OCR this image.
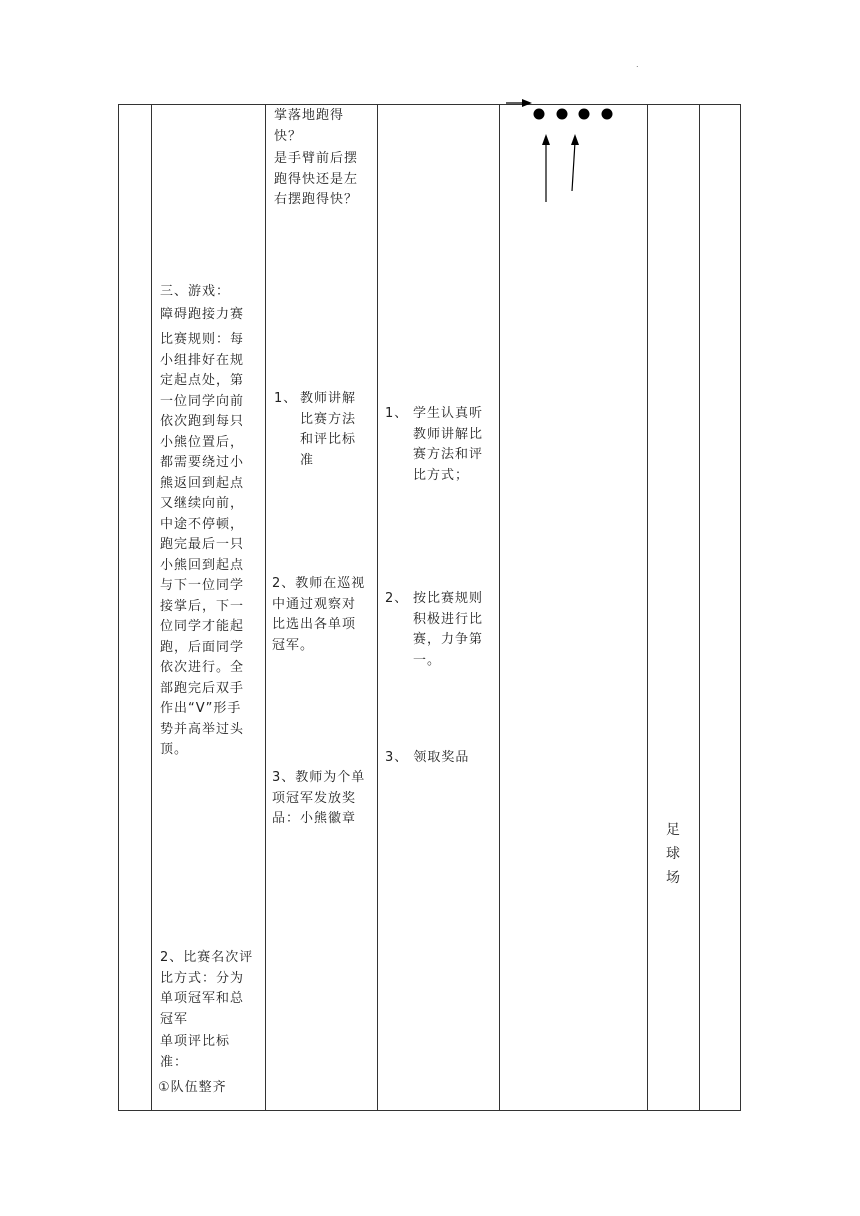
.
三、游戏：
障碍跑接力赛
比赛规则：每
小组排好在规
定起点处，第
一位同学向前
依次跑到每只
小熊位置后，
都需要绕过小
熊返回到起点
又继续向前，
中途不停顿，
跑完最后一只
小熊回到起点
与下一位同学
接掌后，下一
位同学才能起
跑，后面同学
依次进行。全
部跑完后双手
作出“V”形手
势并高举过头
顶。
2、比赛名次评
比方式：分为
单项冠军和总
冠军
单项评比标
准：
①队伍整齐
掌落地跑得
快？
是手臂前后摆
跑得快还是左
右摆跑得快？
1、 教师讲解
比赛方法
和评比标
准
2、教师在巡视
中通过观察对
比选出各单项
冠军。
3、教师为个单
项冠军发放奖
品：小熊徽章
1、 学生认真听
教师讲解比
赛方法和评
比方式；
2、 按比赛规则
积极进行比
赛，力争第
一。
3、 领取奖品
足球
场
